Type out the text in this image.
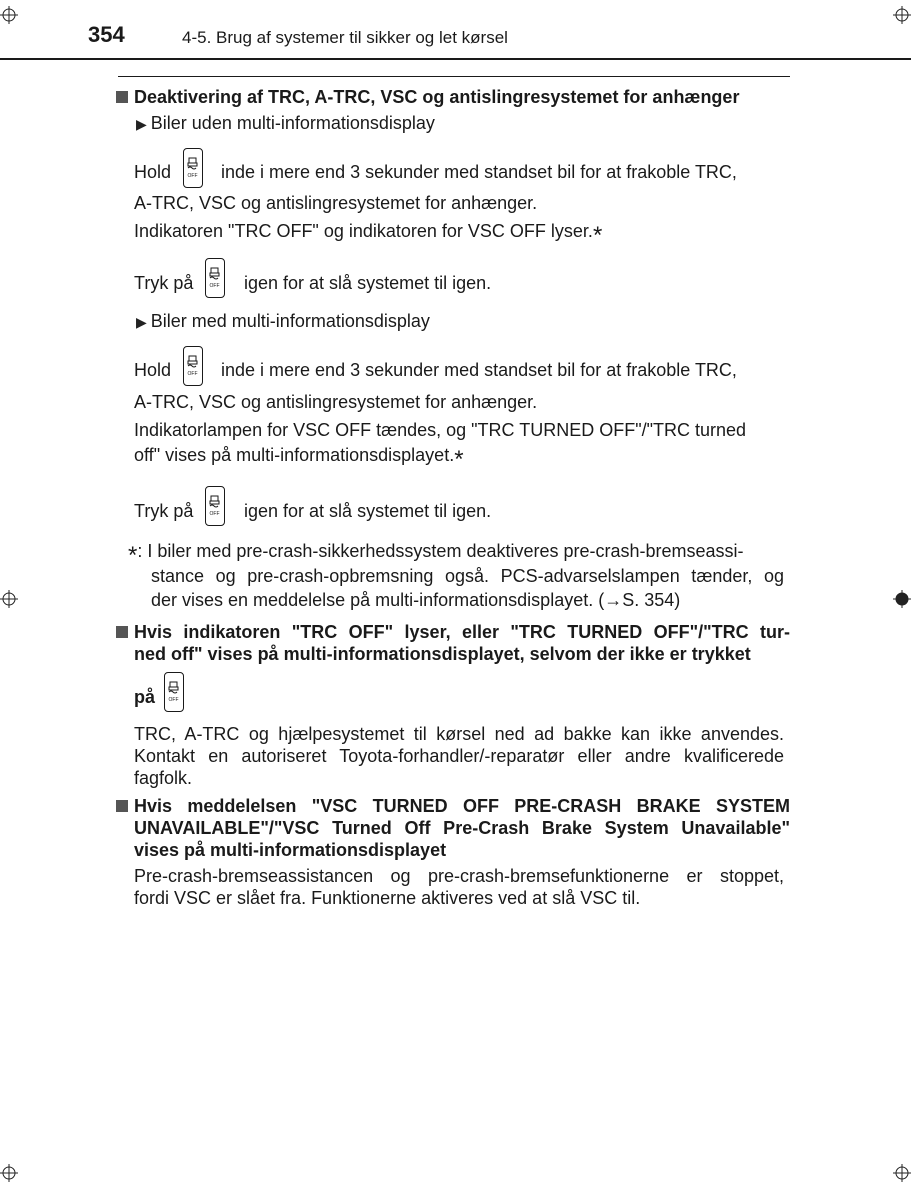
354	4-5. Brug af systemer til sikker og let kørsel
Deaktivering af TRC, A-TRC, VSC og antislingresystemet for anhænger
▶ Biler uden multi-informationsdisplay
Hold	OFF inde i mere end 3 sekunder med standset bil for at frakoble TRC,
A-TRC, VSC og antislingresystemet for anhænger.
Indikatoren "TRC OFF" og indikatoren for VSC OFF lyser.*
Tryk på	OFF igen for at slå systemet til igen.
▶ Biler med multi-informationsdisplay
Hold	OFF inde i mere end 3 sekunder med standset bil for at frakoble TRC,
A-TRC, VSC og antislingresystemet for anhænger.
Indikatorlampen for VSC OFF tændes, og "TRC TURNED OFF"/"TRC turned
off" vises på multi-informationsdisplayet.*
Tryk på	OFF igen for at slå systemet til igen.
*: I biler med pre-crash-sikkerhedssystem deaktiveres pre-crash-bremseassi-
stance og pre-crash-opbremsning også. PCS-advarselslampen tænder, og
der vises en meddelelse på multi-informationsdisplayet. (→S. 354)
Hvis indikatoren "TRC OFF" lyser, eller "TRC TURNED OFF"/"TRC tur-
ned off" vises på multi-informationsdisplayet, selvom der ikke er trykket
på	OFF
TRC, A-TRC og hjælpesystemet til kørsel ned ad bakke kan ikke anvendes.
Kontakt en autoriseret Toyota-forhandler/-reparatør eller andre kvalificerede
fagfolk.
Hvis meddelelsen "VSC TURNED OFF PRE-CRASH BRAKE SYSTEM
UNAVAILABLE"/"VSC Turned Off Pre-Crash Brake System Unavailable"
vises på multi-informationsdisplayet
Pre-crash-bremseassistancen og pre-crash-bremsefunktionerne er stoppet,
fordi VSC er slået fra. Funktionerne aktiveres ved at slå VSC til.
